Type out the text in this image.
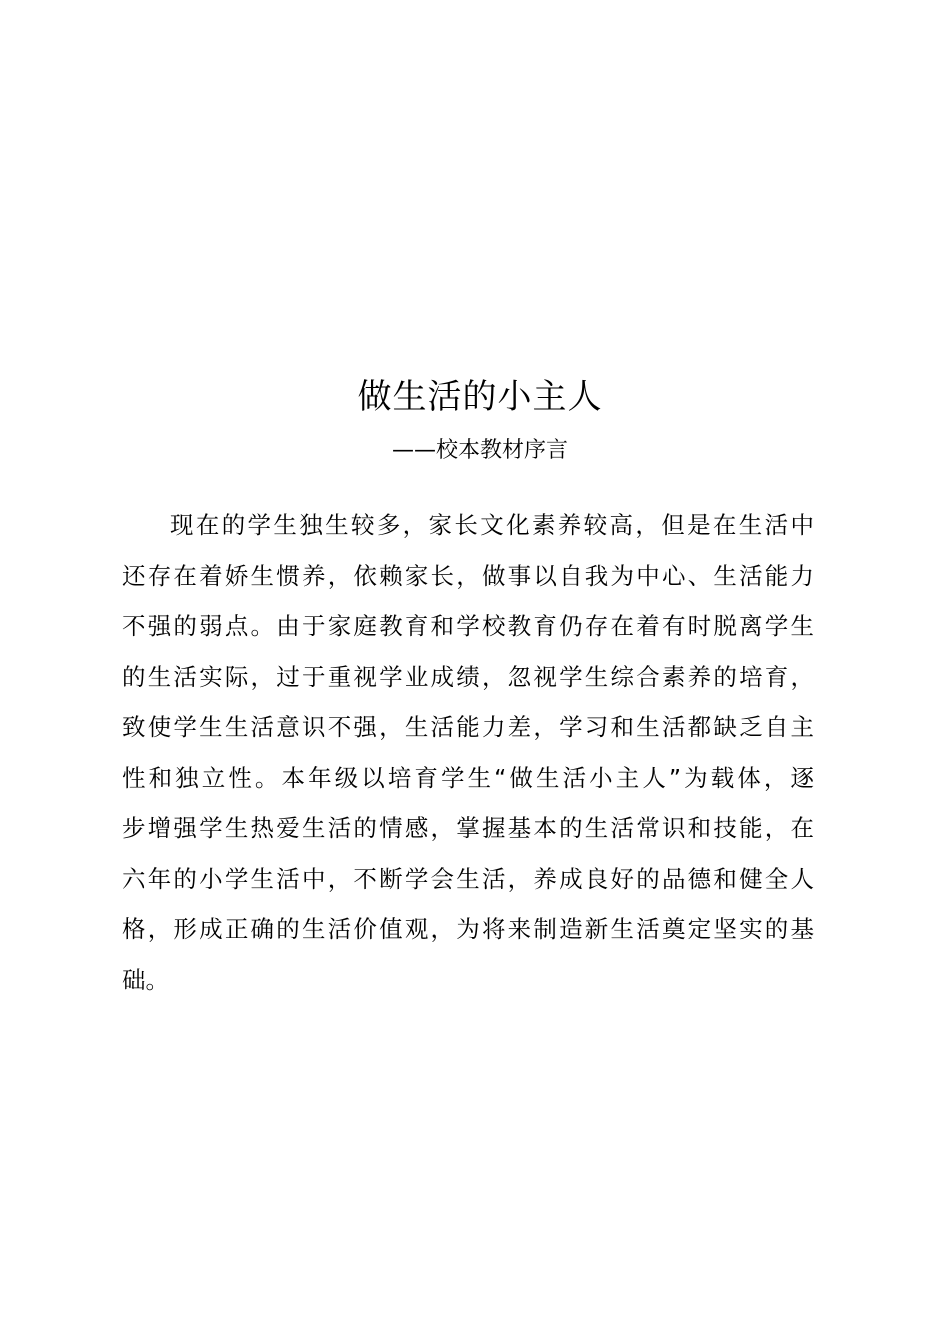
做生活的小主人
——校本教材序言
现在的学生独生较多，家长文化素养较高，但是在生活中
还存在着娇生惯养，依赖家长，做事以自我为中心、生活能力
不强的弱点。由于家庭教育和学校教育仍存在着有时脱离学生
的生活实际，过于重视学业成绩，忽视学生综合素养的培育，
致使学生生活意识不强，生活能力差，学习和生活都缺乏自主
性和独立性。本年级以培育学生“做生活小主人”为载体，逐
步增强学生热爱生活的情感，掌握基本的生活常识和技能，在
六年的小学生活中，不断学会生活，养成良好的品德和健全人
格，形成正确的生活价值观，为将来制造新生活奠定坚实的基
础。
